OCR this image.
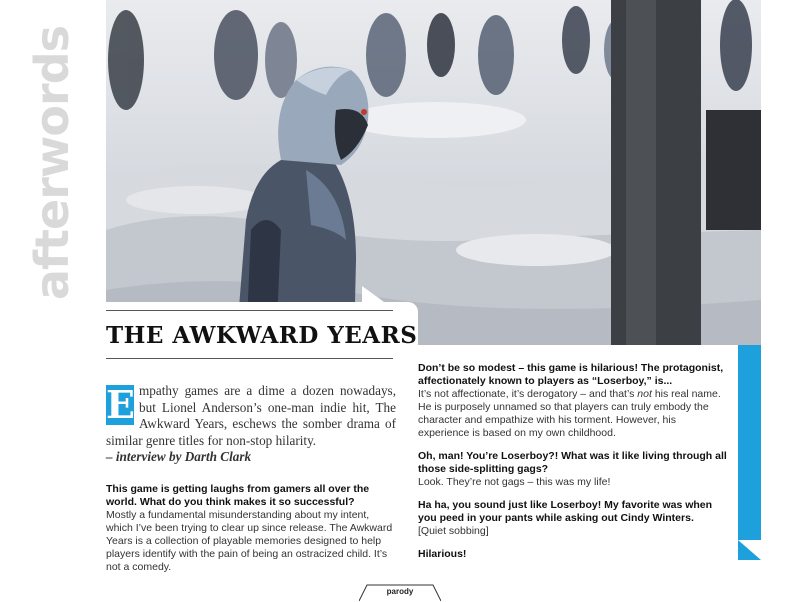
afterwords
THE AWKWARD YEARS

E mpathy games are a dime a dozen nowadays, but Lionel Anderson’s one-man indie hit, The Awkward Years, eschews the somber drama of similar genre titles for non-stop hilarity.
– interview by Darth Clark

This game is getting laughs from gamers all over the world. What do you think makes it so successful?

Mostly a fundamental misunderstanding about my intent, which I’ve been trying to clear up since release. The Awkward Years is a collection of playable memories designed to help players identify with the pain of being an ostracized child. It’s not a comedy.

Don’t be so modest – this game is hilarious! The protagonist, affectionately known to players as “Loserboy,” is...

It’s not affectionate, it’s derogatory – and that’s not his real name. He is purposely unnamed so that players can truly embody the character and empathize with his torment. However, his experience is based on my own childhood.

Oh, man! You’re Loserboy?! What was it like living through all those side-splitting gags?

Look. They’re not gags – this was my life!

Ha ha, you sound just like Loserboy! My favorite was when you peed in your pants while asking out Cindy Winters.

[Quiet sobbing]

Hilarious!

parody
